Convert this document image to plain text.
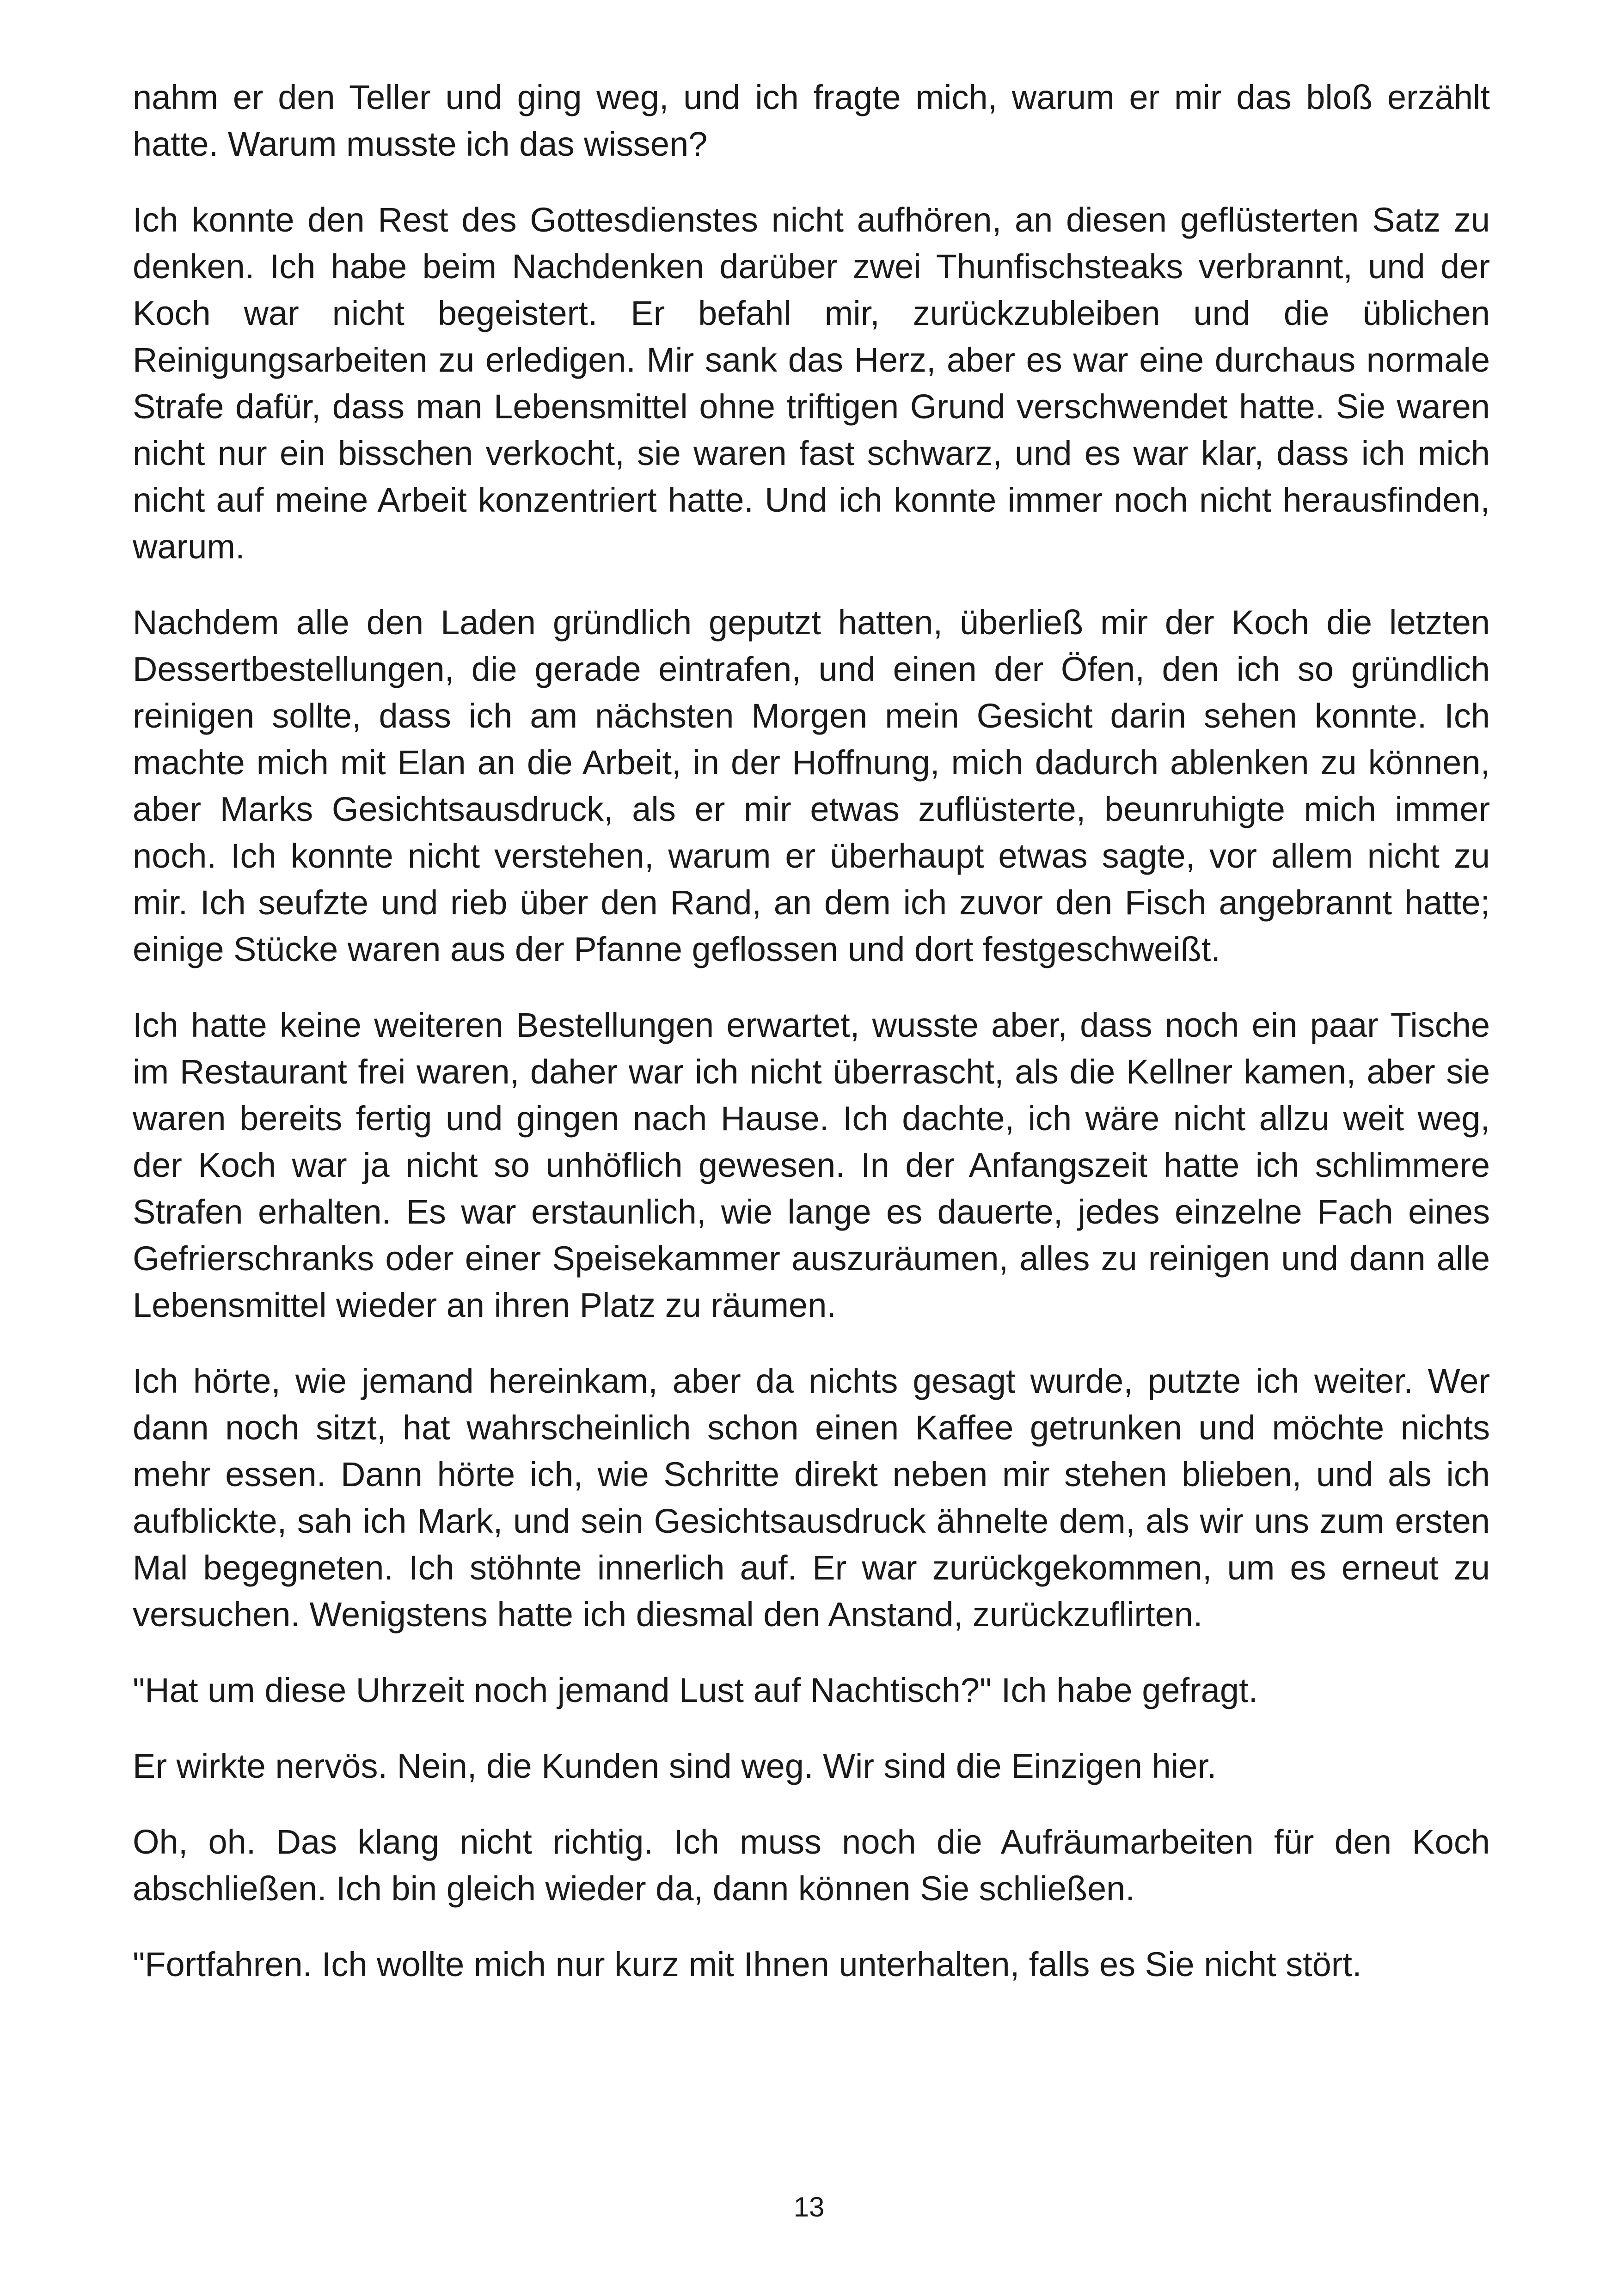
nahm er den Teller und ging weg, und ich fragte mich, warum er mir das bloß erzählt hatte. Warum musste ich das wissen?

Ich konnte den Rest des Gottesdienstes nicht aufhören, an diesen geflüsterten Satz zu denken. Ich habe beim Nachdenken darüber zwei Thunfischsteaks verbrannt, und der Koch war nicht begeistert. Er befahl mir, zurückzubleiben und die üblichen Reinigungsarbeiten zu erledigen. Mir sank das Herz, aber es war eine durchaus normale Strafe dafür, dass man Lebensmittel ohne triftigen Grund verschwendet hatte. Sie waren nicht nur ein bisschen verkocht, sie waren fast schwarz, und es war klar, dass ich mich nicht auf meine Arbeit konzentriert hatte. Und ich konnte immer noch nicht herausfinden, warum.

Nachdem alle den Laden gründlich geputzt hatten, überließ mir der Koch die letzten Dessertbestellungen, die gerade eintrafen, und einen der Öfen, den ich so gründlich reinigen sollte, dass ich am nächsten Morgen mein Gesicht darin sehen konnte. Ich machte mich mit Elan an die Arbeit, in der Hoffnung, mich dadurch ablenken zu können, aber Marks Gesichtsausdruck, als er mir etwas zuflüsterte, beunruhigte mich immer noch. Ich konnte nicht verstehen, warum er überhaupt etwas sagte, vor allem nicht zu mir. Ich seufzte und rieb über den Rand, an dem ich zuvor den Fisch angebrannt hatte; einige Stücke waren aus der Pfanne geflossen und dort festgeschweißt.

Ich hatte keine weiteren Bestellungen erwartet, wusste aber, dass noch ein paar Tische im Restaurant frei waren, daher war ich nicht überrascht, als die Kellner kamen, aber sie waren bereits fertig und gingen nach Hause. Ich dachte, ich wäre nicht allzu weit weg, der Koch war ja nicht so unhöflich gewesen. In der Anfangszeit hatte ich schlimmere Strafen erhalten. Es war erstaunlich, wie lange es dauerte, jedes einzelne Fach eines Gefrierschranks oder einer Speisekammer auszuräumen, alles zu reinigen und dann alle Lebensmittel wieder an ihren Platz zu räumen.

Ich hörte, wie jemand hereinkam, aber da nichts gesagt wurde, putzte ich weiter. Wer dann noch sitzt, hat wahrscheinlich schon einen Kaffee getrunken und möchte nichts mehr essen. Dann hörte ich, wie Schritte direkt neben mir stehen blieben, und als ich aufblickte, sah ich Mark, und sein Gesichtsausdruck ähnelte dem, als wir uns zum ersten Mal begegneten. Ich stöhnte innerlich auf. Er war zurückgekommen, um es erneut zu versuchen. Wenigstens hatte ich diesmal den Anstand, zurückzuflirten.

"Hat um diese Uhrzeit noch jemand Lust auf Nachtisch?" Ich habe gefragt.

Er wirkte nervös. Nein, die Kunden sind weg. Wir sind die Einzigen hier.

Oh, oh. Das klang nicht richtig. Ich muss noch die Aufräumarbeiten für den Koch abschließen. Ich bin gleich wieder da, dann können Sie schließen.

"Fortfahren. Ich wollte mich nur kurz mit Ihnen unterhalten, falls es Sie nicht stört.

13
